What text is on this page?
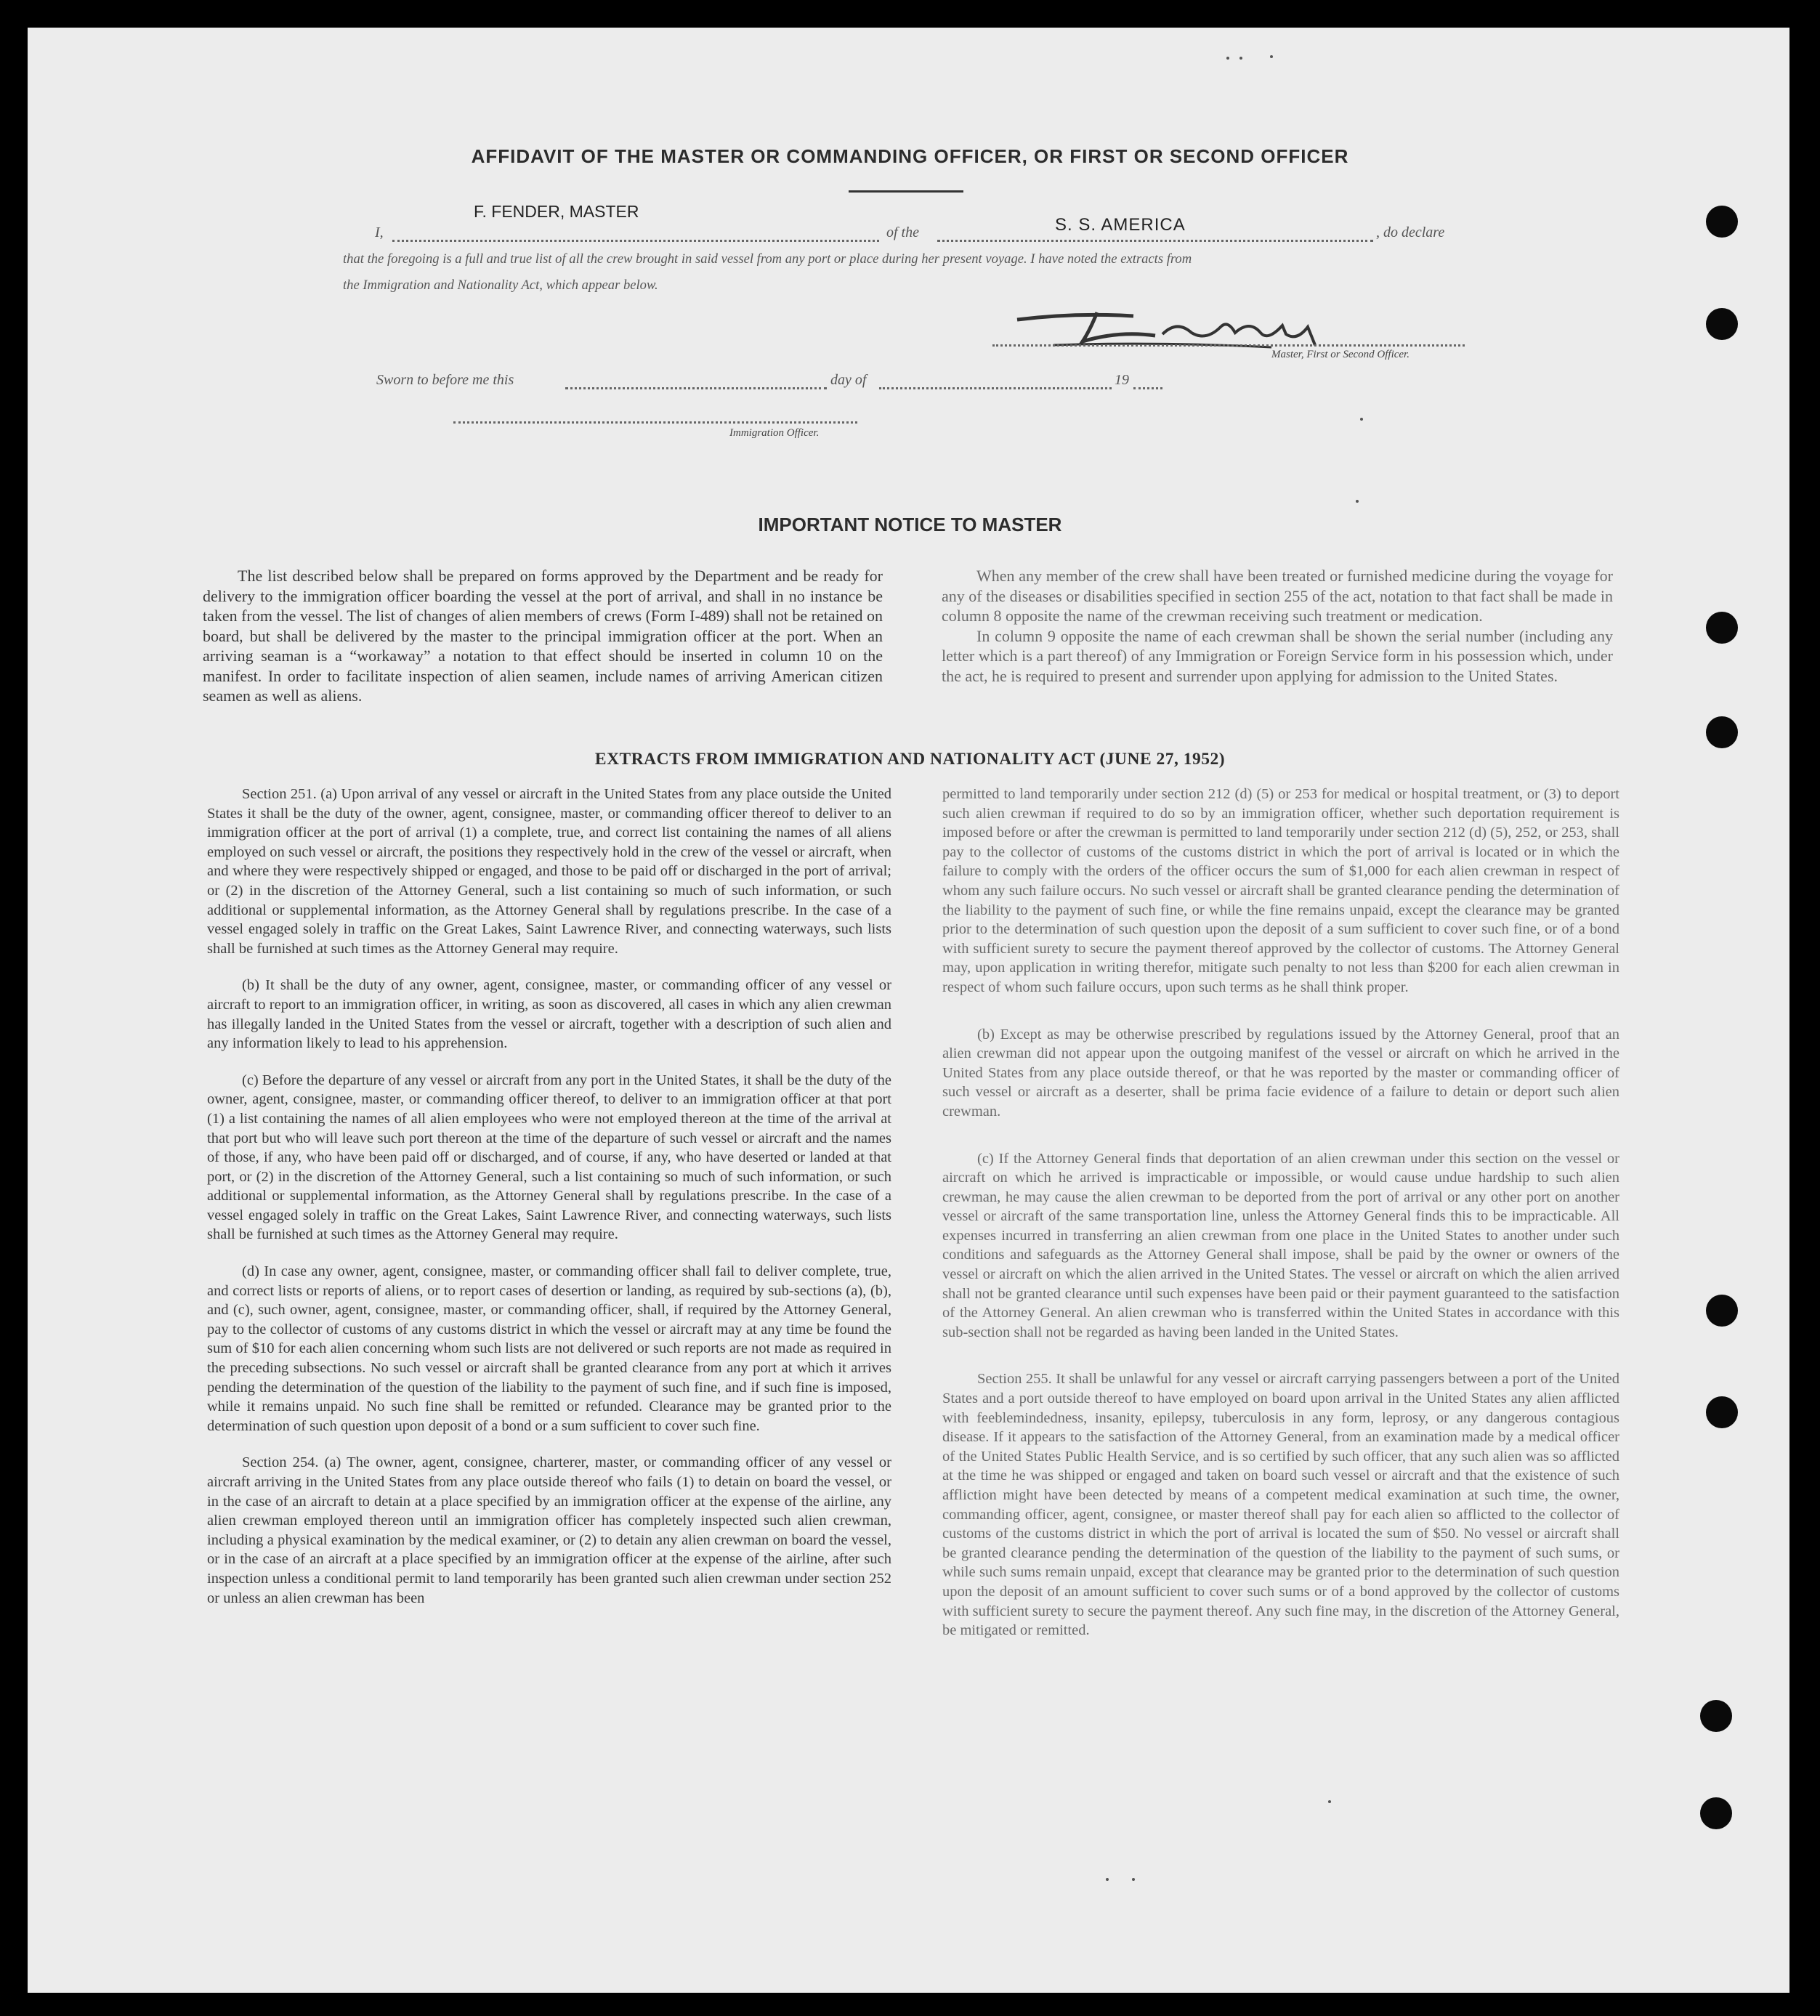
AFFIDAVIT OF THE MASTER OR COMMANDING OFFICER, OR FIRST OR SECOND OFFICER
I,
F. FENDER, MASTER
of the	S. S. AMERICA	, do declare
that the foregoing is a full and true list of all the crew brought in said vessel from any port or place during her present voyage. I have noted the extracts from
the Immigration and Nationality Act, which appear below.
Master, First or Second Officer.
Sworn to before me this	day of	19
Immigration Officer.
IMPORTANT NOTICE TO MASTER

The list described below shall be prepared on forms approved by the Department and be ready for delivery to the immigration officer boarding the vessel at the port of arrival, and shall in no instance be taken from the vessel. The list of changes of alien members of crews (Form I-489) shall not be retained on board, but shall be delivered by the master to the principal immigration officer at the port. When an arriving seaman is a “workaway” a notation to that effect should be inserted in column 10 on the manifest. In order to facilitate inspection of alien seamen, include names of arriving American citizen seamen as well as aliens.

When any member of the crew shall have been treated or furnished medicine during the voyage for any of the diseases or disabilities specified in section 255 of the act, notation to that fact shall be made in column 8 opposite the name of the crewman receiving such treatment or medication.

In column 9 opposite the name of each crewman shall be shown the serial number (including any letter which is a part thereof) of any Immigration or Foreign Service form in his possession which, under the act, he is required to present and surrender upon applying for admission to the United States.

EXTRACTS FROM IMMIGRATION AND NATIONALITY ACT (JUNE 27, 1952)

Section 251. (a) Upon arrival of any vessel or aircraft in the United States from any place outside the United States it shall be the duty of the owner, agent, consignee, master, or commanding officer thereof to deliver to an immigration officer at the port of arrival (1) a complete, true, and correct list containing the names of all aliens employed on such vessel or aircraft, the positions they respectively hold in the crew of the vessel or aircraft, when and where they were respectively shipped or engaged, and those to be paid off or discharged in the port of arrival; or (2) in the discretion of the Attorney General, such a list containing so much of such information, or such additional or supplemental information, as the Attorney General shall by regulations prescribe. In the case of a vessel engaged solely in traffic on the Great Lakes, Saint Lawrence River, and connecting waterways, such lists shall be furnished at such times as the Attorney General may require.

(b) It shall be the duty of any owner, agent, consignee, master, or commanding officer of any vessel or aircraft to report to an immigration officer, in writing, as soon as discovered, all cases in which any alien crewman has illegally landed in the United States from the vessel or aircraft, together with a description of such alien and any information likely to lead to his apprehension.

(c) Before the departure of any vessel or aircraft from any port in the United States, it shall be the duty of the owner, agent, consignee, master, or commanding officer thereof, to deliver to an immigration officer at that port (1) a list containing the names of all alien employees who were not employed thereon at the time of the arrival at that port but who will leave such port thereon at the time of the departure of such vessel or aircraft and the names of those, if any, who have been paid off or discharged, and of course, if any, who have deserted or landed at that port, or (2) in the discretion of the Attorney General, such a list containing so much of such information, or such additional or supplemental information, as the Attorney General shall by regulations prescribe. In the case of a vessel engaged solely in traffic on the Great Lakes, Saint Lawrence River, and connecting waterways, such lists shall be furnished at such times as the Attorney General may require.

(d) In case any owner, agent, consignee, master, or commanding officer shall fail to deliver complete, true, and correct lists or reports of aliens, or to report cases of desertion or landing, as required by sub-sections (a), (b), and (c), such owner, agent, consignee, master, or commanding officer, shall, if required by the Attorney General, pay to the collector of customs of any customs district in which the vessel or aircraft may at any time be found the sum of $10 for each alien concerning whom such lists are not delivered or such reports are not made as required in the preceding subsections. No such vessel or aircraft shall be granted clearance from any port at which it arrives pending the determination of the question of the liability to the payment of such fine, and if such fine is imposed, while it remains unpaid. No such fine shall be remitted or refunded. Clearance may be granted prior to the determination of such question upon deposit of a bond or a sum sufficient to cover such fine.

Section 254. (a) The owner, agent, consignee, charterer, master, or commanding officer of any vessel or aircraft arriving in the United States from any place outside thereof who fails (1) to detain on board the vessel, or in the case of an aircraft to detain at a place specified by an immigration officer at the expense of the airline, any alien crewman employed thereon until an immigration officer has completely inspected such alien crewman, including a physical examination by the medical examiner, or (2) to detain any alien crewman on board the vessel, or in the case of an aircraft at a place specified by an immigration officer at the expense of the airline, after such inspection unless a conditional permit to land temporarily has been granted such alien crewman under section 252 or unless an alien crewman has been

permitted to land temporarily under section 212 (d) (5) or 253 for medical or hospital treatment, or (3) to deport such alien crewman if required to do so by an immigration officer, whether such deportation requirement is imposed before or after the crewman is permitted to land temporarily under section 212 (d) (5), 252, or 253, shall pay to the collector of customs of the customs district in which the port of arrival is located or in which the failure to comply with the orders of the officer occurs the sum of $1,000 for each alien crewman in respect of whom any such failure occurs. No such vessel or aircraft shall be granted clearance pending the determination of the liability to the payment of such fine, or while the fine remains unpaid, except the clearance may be granted prior to the determination of such question upon the deposit of a sum sufficient to cover such fine, or of a bond with sufficient surety to secure the payment thereof approved by the collector of customs. The Attorney General may, upon application in writing therefor, mitigate such penalty to not less than $200 for each alien crewman in respect of whom such failure occurs, upon such terms as he shall think proper.

(b) Except as may be otherwise prescribed by regulations issued by the Attorney General, proof that an alien crewman did not appear upon the outgoing manifest of the vessel or aircraft on which he arrived in the United States from any place outside thereof, or that he was reported by the master or commanding officer of such vessel or aircraft as a deserter, shall be prima facie evidence of a failure to detain or deport such alien crewman.

(c) If the Attorney General finds that deportation of an alien crewman under this section on the vessel or aircraft on which he arrived is impracticable or impossible, or would cause undue hardship to such alien crewman, he may cause the alien crewman to be deported from the port of arrival or any other port on another vessel or aircraft of the same transportation line, unless the Attorney General finds this to be impracticable. All expenses incurred in transferring an alien crewman from one place in the United States to another under such conditions and safeguards as the Attorney General shall impose, shall be paid by the owner or owners of the vessel or aircraft on which the alien arrived in the United States. The vessel or aircraft on which the alien arrived shall not be granted clearance until such expenses have been paid or their payment guaranteed to the satisfaction of the Attorney General. An alien crewman who is transferred within the United States in accordance with this sub-section shall not be regarded as having been landed in the United States.

Section 255. It shall be unlawful for any vessel or aircraft carrying passengers between a port of the United States and a port outside thereof to have employed on board upon arrival in the United States any alien afflicted with feeblemindedness, insanity, epilepsy, tuberculosis in any form, leprosy, or any dangerous contagious disease. If it appears to the satisfaction of the Attorney General, from an examination made by a medical officer of the United States Public Health Service, and is so certified by such officer, that any such alien was so afflicted at the time he was shipped or engaged and taken on board such vessel or aircraft and that the existence of such affliction might have been detected by means of a competent medical examination at such time, the owner, commanding officer, agent, consignee, or master thereof shall pay for each alien so afflicted to the collector of customs of the customs district in which the port of arrival is located the sum of $50. No vessel or aircraft shall be granted clearance pending the determination of the question of the liability to the payment of such sums, or while such sums remain unpaid, except that clearance may be granted prior to the determination of such question upon the deposit of an amount sufficient to cover such sums or of a bond approved by the collector of customs with sufficient surety to secure the payment thereof. Any such fine may, in the discretion of the Attorney General, be mitigated or remitted.
